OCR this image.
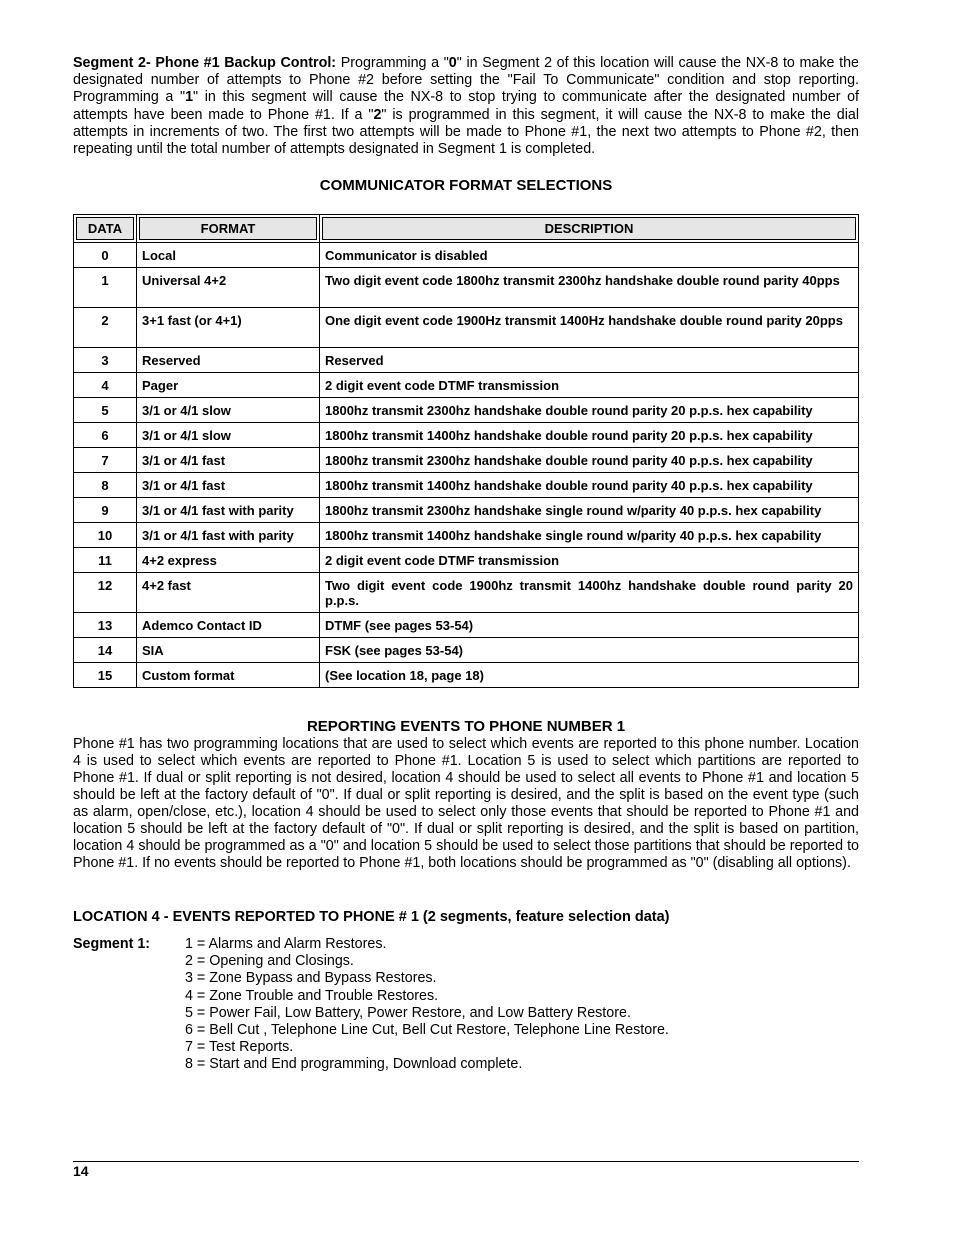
Segment 2- Phone #1 Backup Control: Programming a "0" in Segment 2 of this location will cause the NX-8 to make the designated number of attempts to Phone #2 before setting the "Fail To Communicate" condition and stop reporting. Programming a "1" in this segment will cause the NX-8 to stop trying to communicate after the designated number of attempts have been made to Phone #1. If a "2" is programmed in this segment, it will cause the NX-8 to make the dial attempts in increments of two. The first two attempts will be made to Phone #1, the next two attempts to Phone #2, then repeating until the total number of attempts designated in Segment 1 is completed.

COMMUNICATOR FORMAT SELECTIONS
DATA	FORMAT	DESCRIPTION
0	Local	Communicator is disabled
1	Universal 4+2	Two digit event code 1800hz transmit 2300hz handshake double round parity 40pps
2	3+1 fast (or 4+1)	One digit event code 1900Hz transmit 1400Hz handshake double round parity 20pps
3	Reserved	Reserved
4	Pager	2 digit event code DTMF transmission
5	3/1 or 4/1 slow	1800hz transmit 2300hz handshake double round parity 20 p.p.s. hex capability
6	3/1 or 4/1 slow	1800hz transmit 1400hz handshake double round parity 20 p.p.s. hex capability
7	3/1 or 4/1 fast	1800hz transmit 2300hz handshake double round parity 40 p.p.s. hex capability
8	3/1 or 4/1 fast	1800hz transmit 1400hz handshake double round parity 40 p.p.s. hex capability
9	3/1 or 4/1 fast with parity	1800hz transmit 2300hz handshake single round w/parity 40 p.p.s. hex capability
10	3/1 or 4/1 fast with parity	1800hz transmit 1400hz handshake single round w/parity 40 p.p.s. hex capability
11	4+2 express	2 digit event code DTMF transmission
12	4+2 fast	Two digit event code 1900hz transmit 1400hz handshake double round parity 20 p.p.s.
13	Ademco Contact ID	DTMF (see pages 53-54)
14	SIA	FSK (see pages 53-54)
15	Custom format	(See location 18, page 18)
REPORTING EVENTS TO PHONE NUMBER 1

Phone #1 has two programming locations that are used to select which events are reported to this phone number. Location 4 is used to select which events are reported to Phone #1. Location 5 is used to select which partitions are reported to Phone #1. If dual or split reporting is not desired, location 4 should be used to select all events to Phone #1 and location 5 should be left at the factory default of "0". If dual or split reporting is desired, and the split is based on the event type (such as alarm, open/close, etc.), location 4 should be used to select only those events that should be reported to Phone #1 and location 5 should be left at the factory default of "0". If dual or split reporting is desired, and the split is based on partition, location 4 should be programmed as a "0" and location 5 should be used to select those partitions that should be reported to Phone #1. If no events should be reported to Phone #1, both locations should be programmed as "0" (disabling all options).

LOCATION 4 - EVENTS REPORTED TO PHONE # 1 (2 segments, feature selection data)

Segment 1: 1 = Alarms and Alarm Restores.
2 = Opening and Closings.
3 = Zone Bypass and Bypass Restores.
4 = Zone Trouble and Trouble Restores.
5 = Power Fail, Low Battery, Power Restore, and Low Battery Restore.
6 = Bell Cut , Telephone Line Cut, Bell Cut Restore, Telephone Line Restore.
7 = Test Reports.
8 = Start and End programming, Download complete.
14
